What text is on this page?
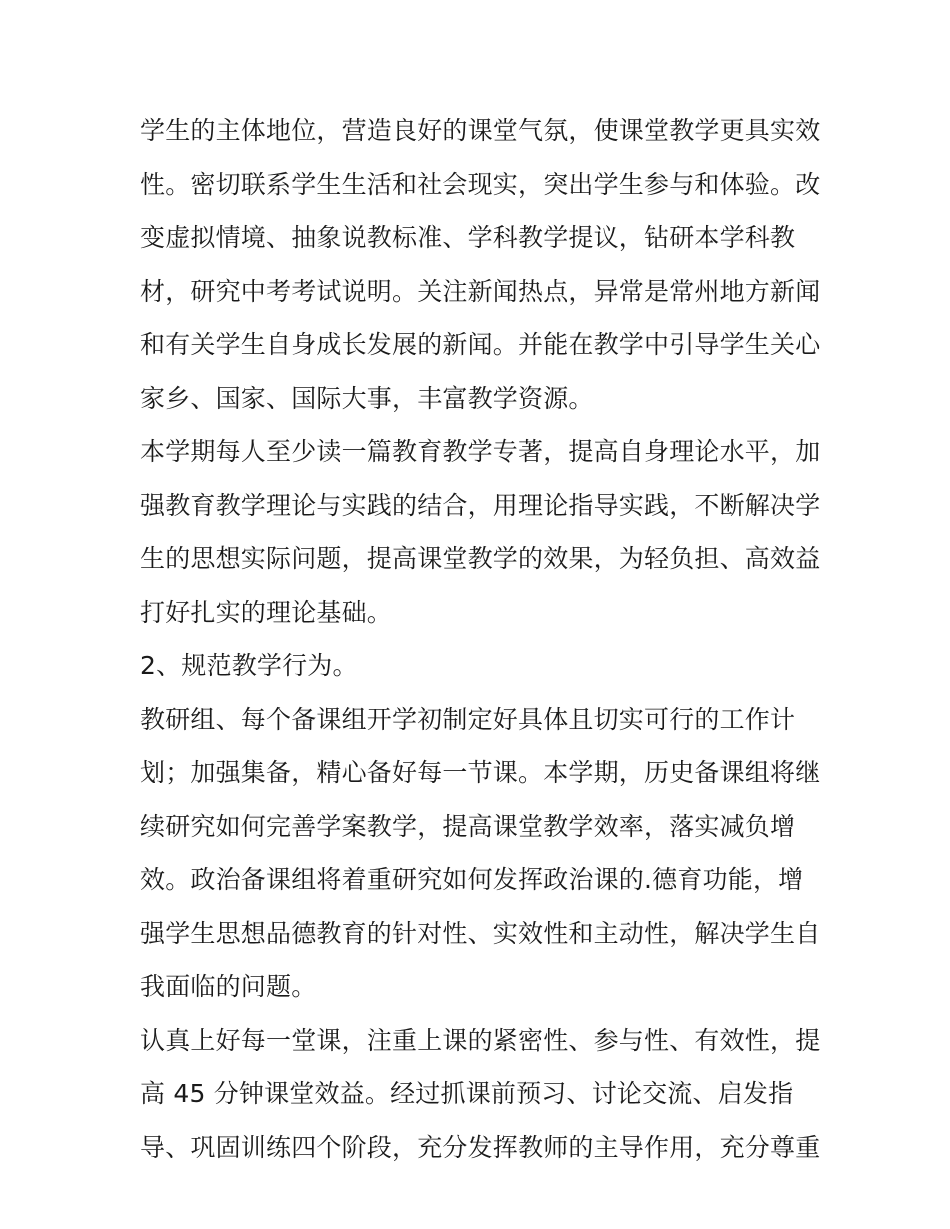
学生的主体地位，营造良好的课堂气氛，使课堂教学更具实效
性。密切联系学生生活和社会现实，突出学生参与和体验。改
变虚拟情境、抽象说教标准、学科教学提议，钻研本学科教
材，研究中考考试说明。关注新闻热点，异常是常州地方新闻
和有关学生自身成长发展的新闻。并能在教学中引导学生关心
家乡、国家、国际大事，丰富教学资源。
本学期每人至少读一篇教育教学专著，提高自身理论水平，加
强教育教学理论与实践的结合，用理论指导实践，不断解决学
生的思想实际问题，提高课堂教学的效果，为轻负担、高效益
打好扎实的理论基础。
2、规范教学行为。
教研组、每个备课组开学初制定好具体且切实可行的工作计
划；加强集备，精心备好每一节课。本学期，历史备课组将继
续研究如何完善学案教学，提高课堂教学效率，落实减负增
效。政治备课组将着重研究如何发挥政治课的.德育功能，增
强学生思想品德教育的针对性、实效性和主动性，解决学生自
我面临的问题。
认真上好每一堂课，注重上课的紧密性、参与性、有效性，提
高 45 分钟课堂效益。经过抓课前预习、讨论交流、启发指
导、巩固训练四个阶段，充分发挥教师的主导作用，充分尊重
